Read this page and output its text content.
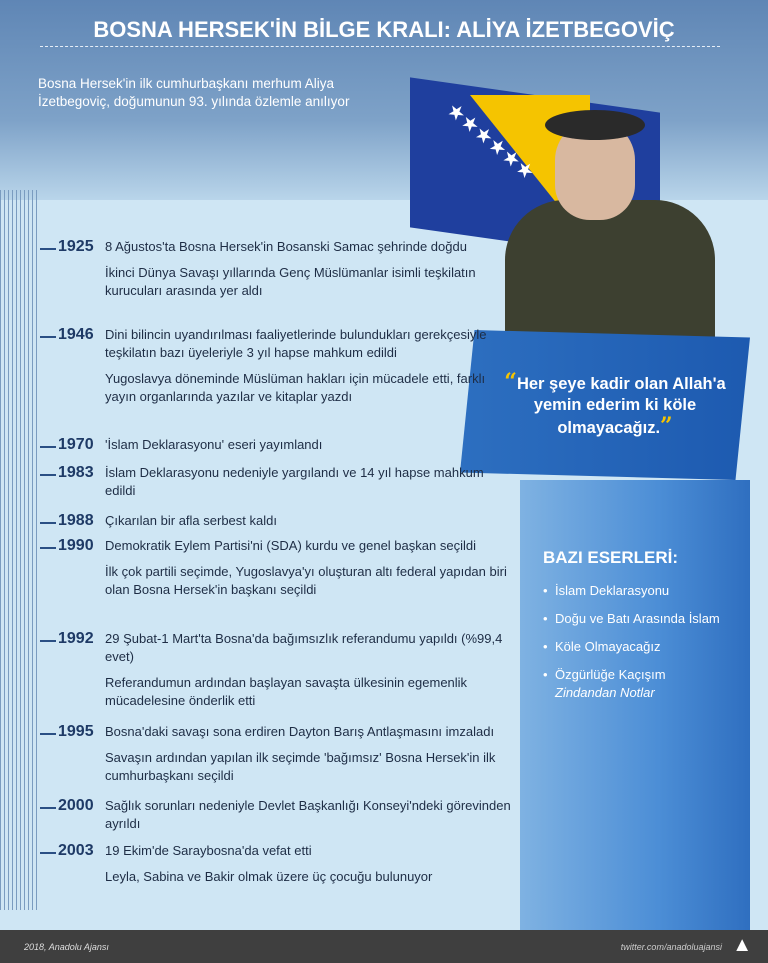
BOSNA HERSEK'İN BİLGE KRALI: ALİYA İZETBEGOVİÇ
Bosna Hersek'in ilk cumhurbaşkanı merhum Aliya İzetbegoviç, doğumunun 93. yılında özlemle anılıyor
“Her şeye kadir olan Allah'a yemin ederim ki köle olmayacağız.”
BAZI ESERLERİ:
• İslam Deklarasyonu
• Doğu ve Batı Arasında İslam
• Köle Olmayacağız
• Özgürlüğe Kaçışım
Zindandan Notlar
1925 8 Ağustos'ta Bosna Hersek'in Bosanski Samac şehrinde doğdu
İkinci Dünya Savaşı yıllarında Genç Müslümanlar isimli teşkilatın kurucuları arasında yer aldı
1946 Dini bilincin uyandırılması faaliyetlerinde bulundukları gerekçesiyle teşkilatın bazı üyeleriyle 3 yıl hapse mahkum edildi
Yugoslavya döneminde Müslüman hakları için mücadele etti, farklı yayın organlarında yazılar ve kitaplar yazdı
1970 'İslam Deklarasyonu' eseri yayımlandı
1983 İslam Deklarasyonu nedeniyle yargılandı ve 14 yıl hapse mahkum edildi
1988 Çıkarılan bir afla serbest kaldı
1990 Demokratik Eylem Partisi'ni (SDA) kurdu ve genel başkan seçildi
İlk çok partili seçimde, Yugoslavya'yı oluşturan altı federal yapıdan biri olan Bosna Hersek'in başkanı seçildi
1992 29 Şubat-1 Mart'ta Bosna'da bağımsızlık referandumu yapıldı (%99,4 evet)
Referandumun ardından başlayan savaşta ülkesinin egemenlik mücadelesine önderlik etti
1995 Bosna'daki savaşı sona erdiren Dayton Barış Antlaşmasını imzaladı
Savaşın ardından yapılan ilk seçimde 'bağımsız' Bosna Hersek'in ilk cumhurbaşkanı seçildi
2000 Sağlık sorunları nedeniyle Devlet Başkanlığı Konseyi'ndeki görevinden ayrıldı
2003 19 Ekim'de Saraybosna'da vefat etti
Leyla, Sabina ve Bakir olmak üzere üç çocuğu bulunuyor
2018, Anadolu Ajansı	twitter.com/anadoluajansi ▲
